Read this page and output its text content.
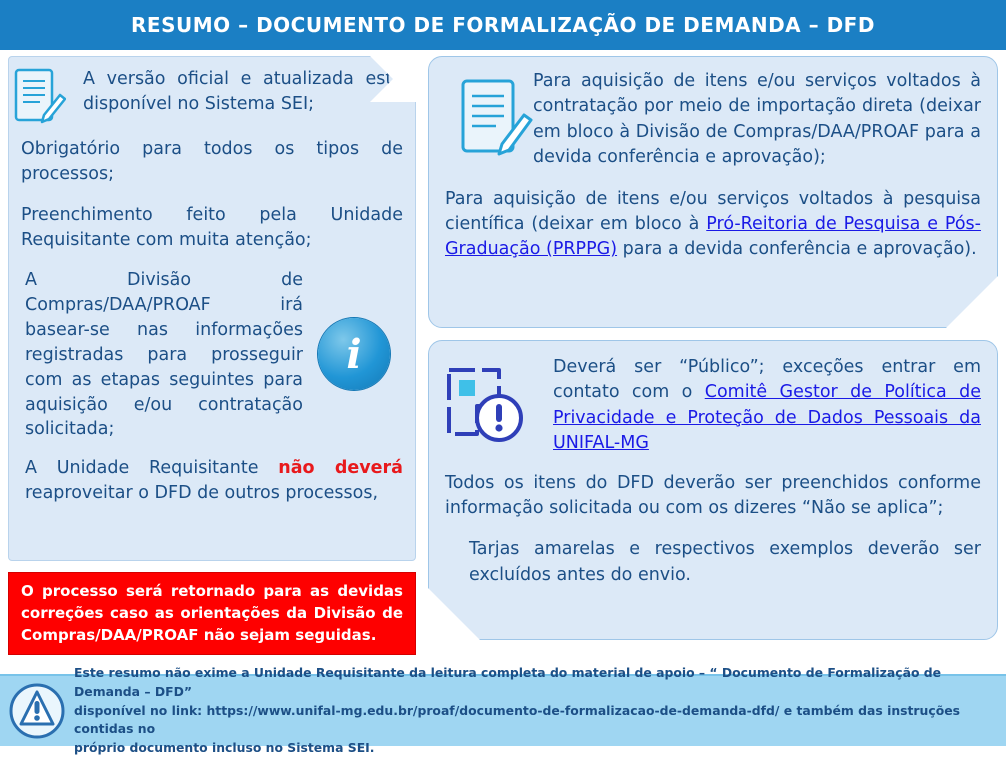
RESUMO – DOCUMENTO DE FORMALIZAÇÃO DE DEMANDA – DFD
A versão oficial e atualizada está disponível no Sistema SEI;
Obrigatório para todos os tipos de processos;
Preenchimento feito pela Unidade Requisitante com muita atenção;
A Divisão de Compras/DAA/PROAF irá basear-se nas informações registradas para prosseguir com as etapas seguintes para aquisição e/ou contratação solicitada;
A Unidade Requisitante não deverá reaproveitar o DFD de outros processos,
i
O processo será retornado para as devidas correções caso as orientações da Divisão de Compras/DAA/PROAF não sejam seguidas.
Para aquisição de itens e/ou serviços voltados à contratação por meio de importação direta (deixar em bloco à Divisão de Compras/DAA/PROAF para a devida conferência e aprovação);
Para aquisição de itens e/ou serviços voltados à pesquisa científica (deixar em bloco à Pró-Reitoria de Pesquisa e Pós-Graduação (PRPPG) para a devida conferência e aprovação).
Deverá ser “Público”; exceções entrar em contato com o Comitê Gestor de Política de Privacidade e Proteção de Dados Pessoais da UNIFAL-MG
Todos os itens do DFD deverão ser preenchidos conforme informação solicitada ou com os dizeres “Não se aplica”;
Tarjas amarelas e respectivos exemplos deverão ser excluídos antes do envio.
Este resumo não exime a Unidade Requisitante da leitura completa do material de apoio – “ Documento de Formalização de Demanda – DFD”
disponível no link: https://www.unifal-mg.edu.br/proaf/documento-de-formalizacao-de-demanda-dfd/ e também das instruções contidas no
próprio documento incluso no Sistema SEI.
